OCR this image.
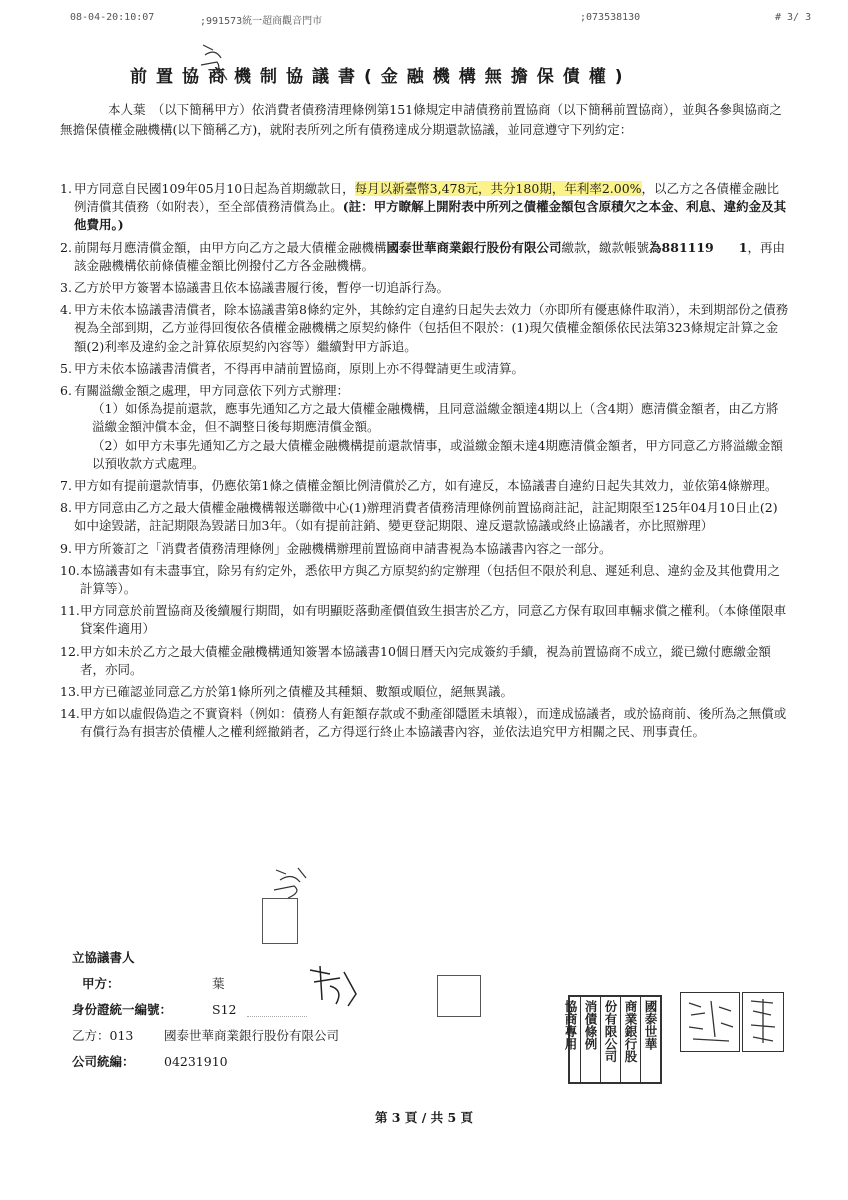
08-04-20:10:07	;991573統一超商觀音門市	;073538130	# 3/ 3
前置協商機制協議書(金融機構無擔保債權)

本人葉　（以下簡稱甲方）依消費者債務清理條例第151條規定申請債務前置協商（以下簡稱前置協商），並與各參與協商之無擔保債權金融機構(以下簡稱乙方)，就附表所列之所有債務達成分期還款協議，並同意遵守下列約定：

1. 甲方同意自民國109年05月10日起為首期繳款日，每月以新臺幣3,478元，共分180期，年利率2.00%，以乙方之各債權金融比例清償其債務（如附表），至全部債務清償為止。(註：甲方瞭解上開附表中所列之債權金額包含原積欠之本金、利息、違約金及其他費用。)
2. 前開每月應清償金額，由甲方向乙方之最大債權金融機構國泰世華商業銀行股份有限公司繳款，繳款帳號為881119　　1，再由該金融機構依前條債權金額比例撥付乙方各金融機構。
3. 乙方於甲方簽署本協議書且依本協議書履行後，暫停一切追訴行為。
4. 甲方未依本協議書清償者，除本協議書第8條約定外，其餘約定自違約日起失去效力（亦即所有優惠條件取消），未到期部份之債務視為全部到期，乙方並得回復依各債權金融機構之原契約條件（包括但不限於：(1)現欠債權金額係依民法第323條規定計算之金額(2)利率及違約金之計算依原契約內容等）繼續對甲方訴追。
5. 甲方未依本協議書清償者，不得再申請前置協商，原則上亦不得聲請更生或清算。
6. 有關溢繳金額之處理，甲方同意依下列方式辦理：
（1）如係為提前還款，應事先通知乙方之最大債權金融機構，且同意溢繳金額達4期以上（含4期）應清償金額者，由乙方將溢繳金額沖償本金，但不調整日後每期應清償金額。
（2）如甲方未事先通知乙方之最大債權金融機構提前還款情事，或溢繳金額未達4期應清償金額者，甲方同意乙方將溢繳金額以預收款方式處理。
7. 甲方如有提前還款情事，仍應依第1條之債權金額比例清償於乙方，如有違反，本協議書自違約日起失其效力，並依第4條辦理。
8. 甲方同意由乙方之最大債權金融機構報送聯徵中心(1)辦理消費者債務清理條例前置協商註記，註記期限至125年04月10日止(2)如中途毀諾，註記期限為毀諾日加3年。（如有提前註銷、變更登記期限、違反還款協議或終止協議者，亦比照辦理）
9. 甲方所簽訂之「消費者債務清理條例」金融機構辦理前置協商申請書視為本協議書內容之一部分。
10. 本協議書如有未盡事宜，除另有約定外，悉依甲方與乙方原契約約定辦理（包括但不限於利息、遲延利息、違約金及其他費用之計算等）。
11. 甲方同意於前置協商及後續履行期間，如有明顯貶落動產價值致生損害於乙方，同意乙方保有取回車輛求償之權利。（本條僅限車貸案件適用）
12. 甲方如未於乙方之最大債權金融機構通知簽署本協議書10個日曆天內完成簽約手續，視為前置協商不成立，縱已繳付應繳金額者，亦同。
13. 甲方已確認並同意乙方於第1條所列之債權及其種類、數額或順位，絕無異議。
14. 甲方如以虛假偽造之不實資料（例如：債務人有鉅額存款或不動產卻隱匿未填報），而達成協議者，或於協商前、後所為之無償或有償行為有損害於債權人之權利經撤銷者，乙方得逕行終止本協議書內容，並依法追究甲方相關之民、刑事責任。
立協議書人
甲方：	葉
身份證統一編號：	S12
乙方：013 國泰世華商業銀行股份有限公司
公司統編： 04231910
國泰世華
商業銀行股
份有限公司
消債條例
協商專用
第 3 頁 / 共 5 頁
